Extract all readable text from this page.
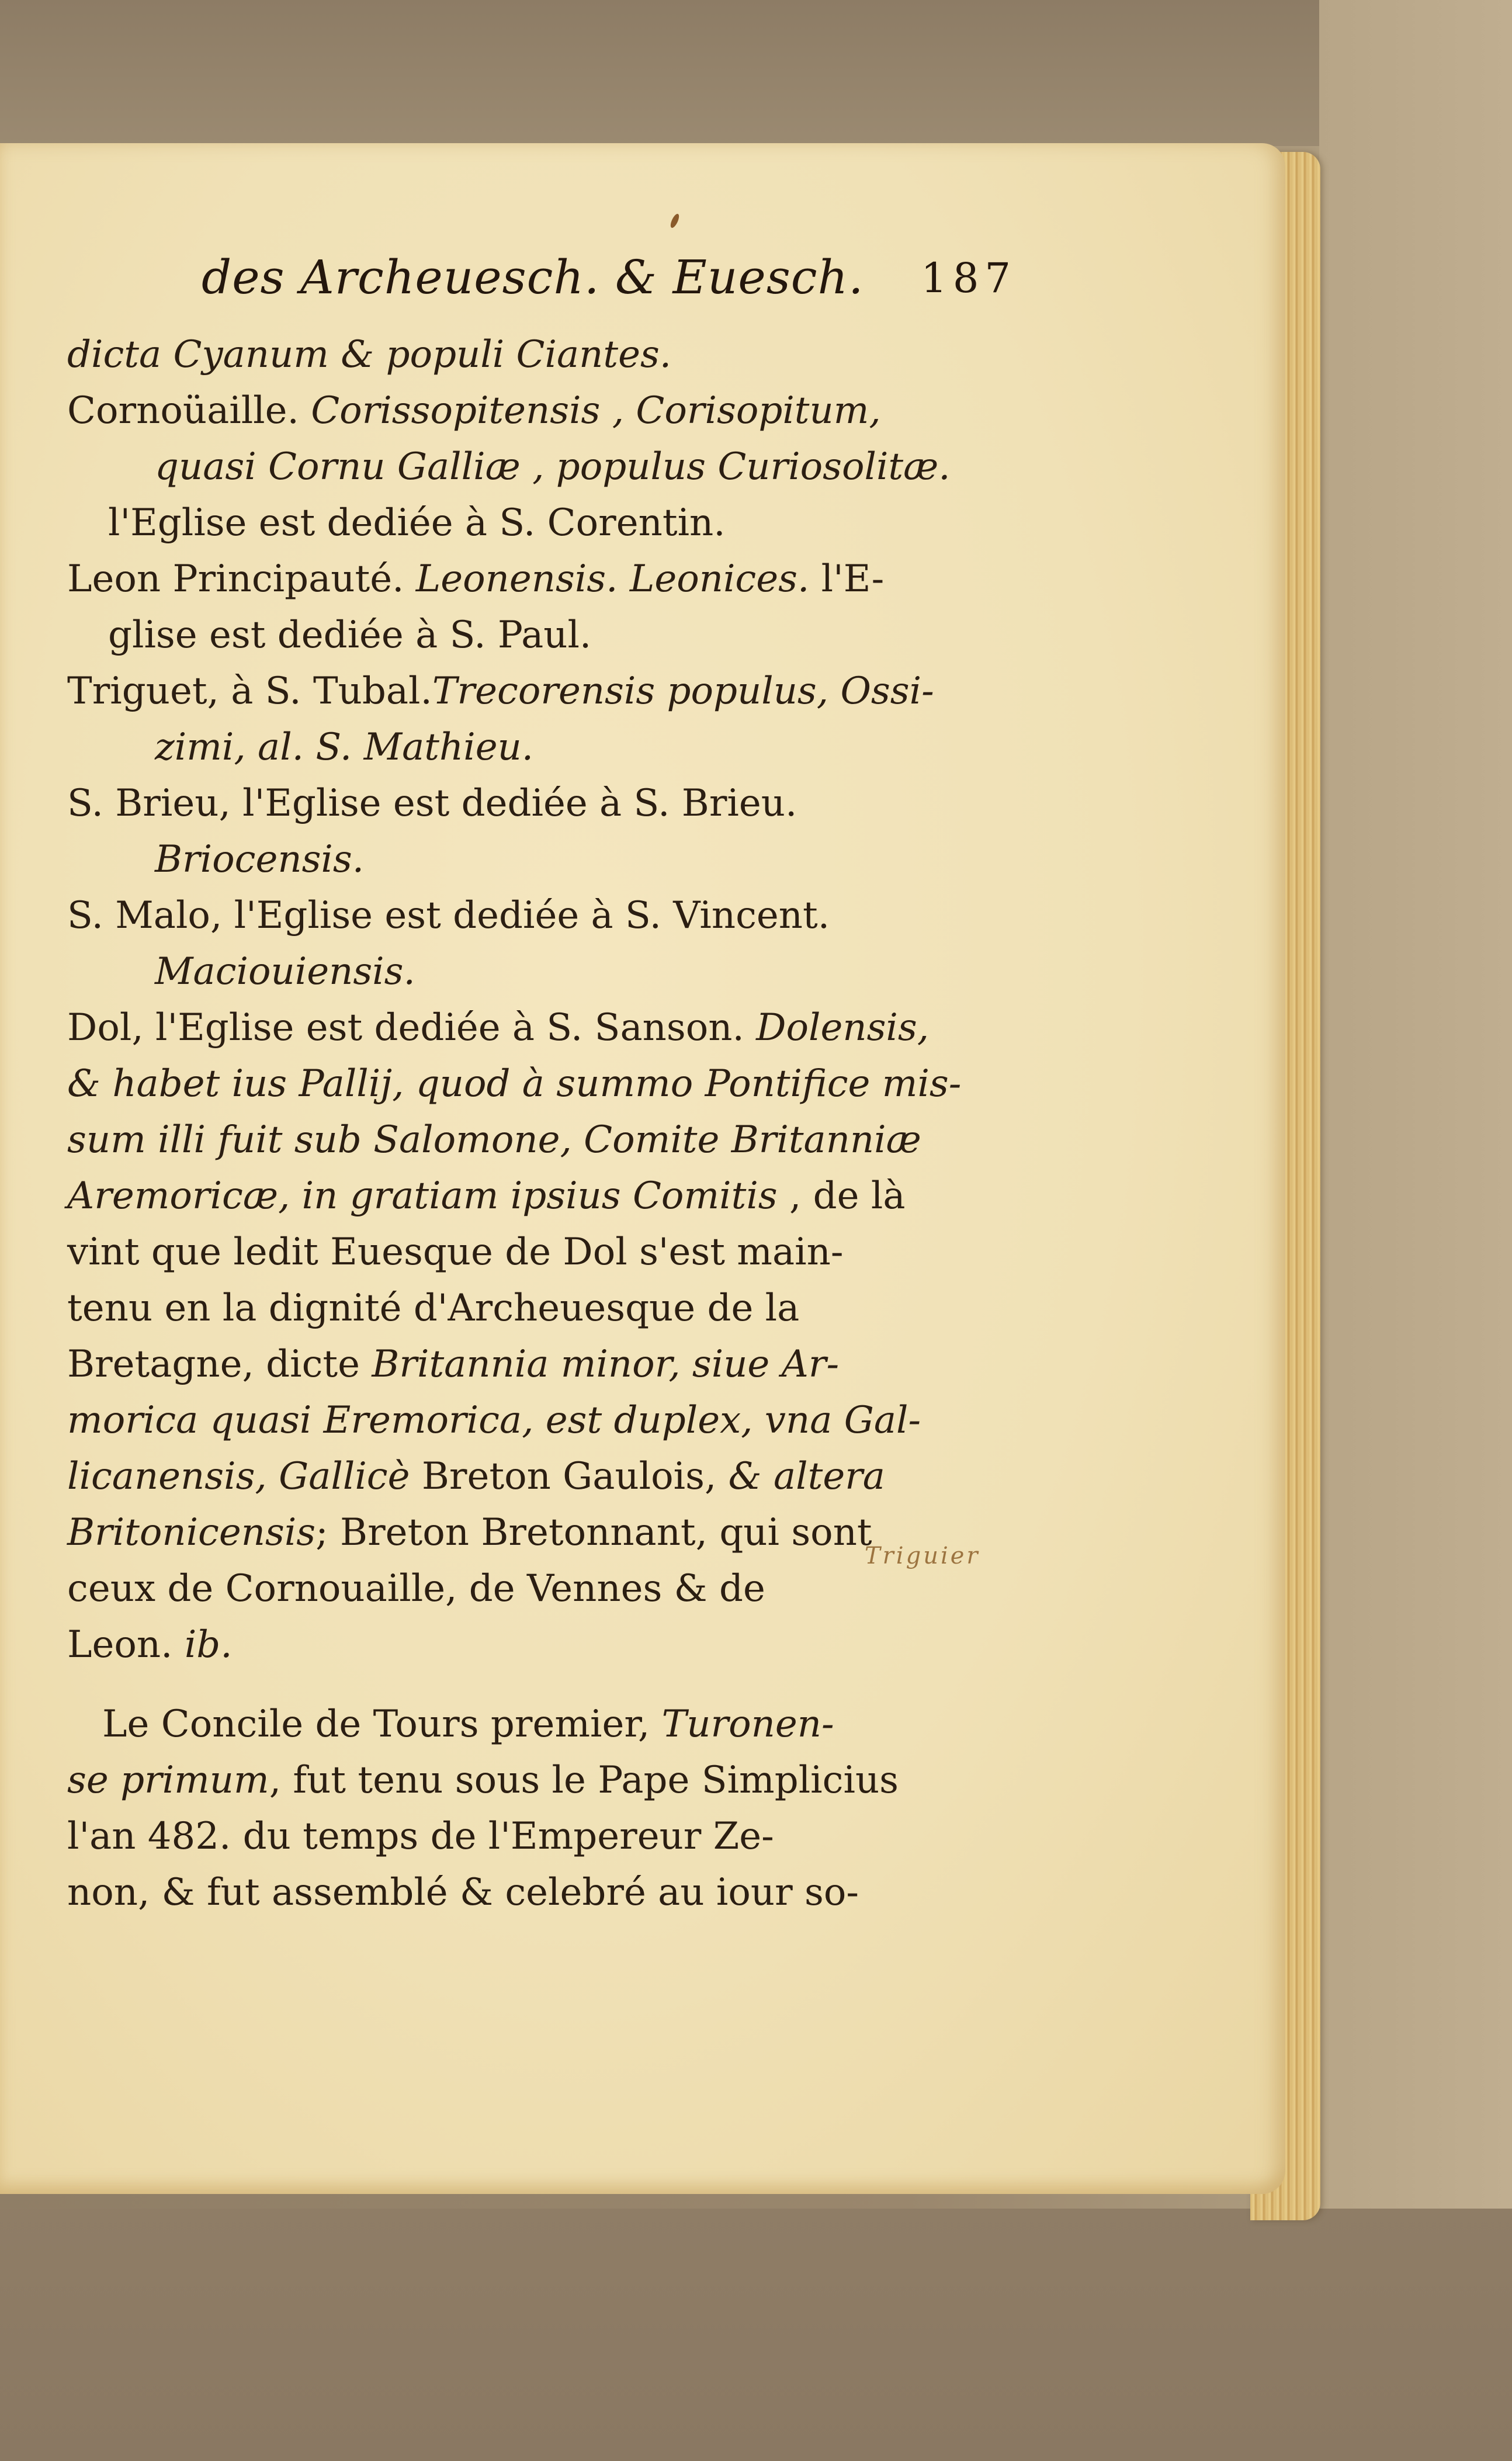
des Archeuesch. & Euesch. 187
dicta Cyanum & populi Ciantes.
Cornoüaille. Corissopitensis , Corisopitum,
quasi Cornu Galliæ , populus Curiosolitæ.
l'Eglise est dediée à S. Corentin.
Leon Principauté. Leonensis. Leonices. l'E-
glise est dediée à S. Paul.
Triguet, à S. Tubal.Trecorensis populus, Ossi-
zimi, al. S. Mathieu.
S. Brieu, l'Eglise est dediée à S. Brieu.
Briocensis.
S. Malo, l'Eglise est dediée à S. Vincent.
Maciouiensis.
Dol, l'Eglise est dediée à S. Sanson. Dolensis,
& habet ius Pallij, quod à summo Pontifice mis-
sum illi fuit sub Salomone, Comite Britanniæ
Aremoricæ, in gratiam ipsius Comitis , de là
vint que ledit Euesque de Dol s'est main-
tenu en la dignité d'Archeuesque de la
Bretagne, dicte Britannia minor, siue Ar-
morica quasi Eremorica, est duplex, vna Gal-
licanensis, Gallicè Breton Gaulois, & altera
Britonicensis; Breton Bretonnant, qui sont
ceux de Cornouaille, de Vennes & de
Leon. ib.
Le Concile de Tours premier, Turonen-
se primum, fut tenu sous le Pape Simplicius
l'an 482. du temps de l'Empereur Ze-
non, & fut assemblé & celebré au iour so-
Triguier
